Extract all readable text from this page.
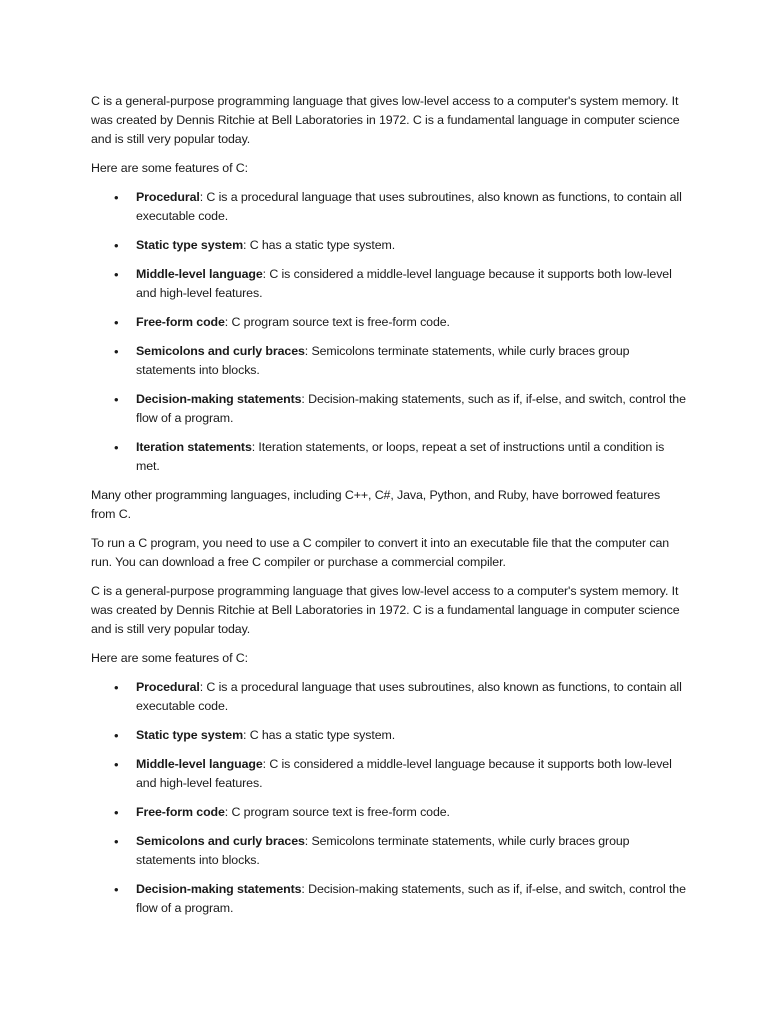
C is a general-purpose programming language that gives low-level access to a computer's system memory. It was created by Dennis Ritchie at Bell Laboratories in 1972. C is a fundamental language in computer science and is still very popular today.

Here are some features of C:

• Procedural: C is a procedural language that uses subroutines, also known as functions, to contain all executable code.
• Static type system: C has a static type system.
• Middle-level language: C is considered a middle-level language because it supports both low-level and high-level features.
• Free-form code: C program source text is free-form code.
• Semicolons and curly braces: Semicolons terminate statements, while curly braces group statements into blocks.
• Decision-making statements: Decision-making statements, such as if, if-else, and switch, control the flow of a program.
• Iteration statements: Iteration statements, or loops, repeat a set of instructions until a condition is met.

Many other programming languages, including C++, C#, Java, Python, and Ruby, have borrowed features from C.

To run a C program, you need to use a C compiler to convert it into an executable file that the computer can run. You can download a free C compiler or purchase a commercial compiler.

C is a general-purpose programming language that gives low-level access to a computer's system memory. It was created by Dennis Ritchie at Bell Laboratories in 1972. C is a fundamental language in computer science and is still very popular today.

Here are some features of C:

• Procedural: C is a procedural language that uses subroutines, also known as functions, to contain all executable code.
• Static type system: C has a static type system.
• Middle-level language: C is considered a middle-level language because it supports both low-level and high-level features.
• Free-form code: C program source text is free-form code.
• Semicolons and curly braces: Semicolons terminate statements, while curly braces group statements into blocks.
• Decision-making statements: Decision-making statements, such as if, if-else, and switch, control the flow of a program.
